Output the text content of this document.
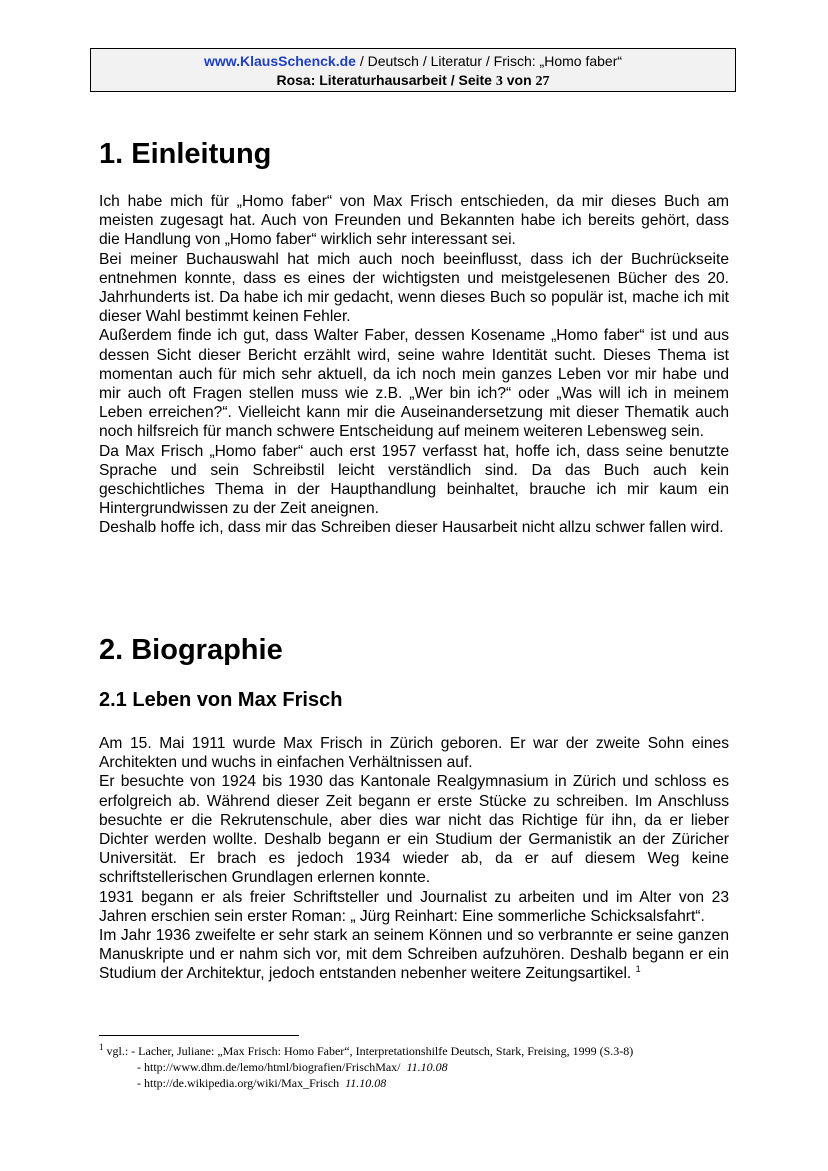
www.KlausSchenck.de / Deutsch / Literatur / Frisch: „Homo faber“
Rosa: Literaturhausarbeit / Seite 3 von 27
1. Einleitung

Ich habe mich für „Homo faber“ von Max Frisch entschieden, da mir dieses Buch am meisten zugesagt hat. Auch von Freunden und Bekannten habe ich bereits gehört, dass die Handlung von „Homo faber“ wirklich sehr interessant sei.

Bei meiner Buchauswahl hat mich auch noch beeinflusst, dass ich der Buchrückseite entnehmen konnte, dass es eines der wichtigsten und meistgelesenen Bücher des 20. Jahrhunderts ist. Da habe ich mir gedacht, wenn dieses Buch so populär ist, mache ich mit dieser Wahl bestimmt keinen Fehler.

Außerdem finde ich gut, dass Walter Faber, dessen Kosename „Homo faber“ ist und aus dessen Sicht dieser Bericht erzählt wird, seine wahre Identität sucht. Dieses Thema ist momentan auch für mich sehr aktuell, da ich noch mein ganzes Leben vor mir habe und mir auch oft Fragen stellen muss wie z.B. „Wer bin ich?“ oder „Was will ich in meinem Leben erreichen?“. Vielleicht kann mir die Auseinandersetzung mit dieser Thematik auch noch hilfsreich für manch schwere Entscheidung auf meinem weiteren Lebensweg sein.

Da Max Frisch „Homo faber“ auch erst 1957 verfasst hat, hoffe ich, dass seine benutzte Sprache und sein Schreibstil leicht verständlich sind. Da das Buch auch kein geschichtliches Thema in der Haupthandlung beinhaltet, brauche ich mir kaum ein Hintergrundwissen zu der Zeit aneignen.

Deshalb hoffe ich, dass mir das Schreiben dieser Hausarbeit nicht allzu schwer fallen wird.

2. Biographie
2.1 Leben von Max Frisch

Am 15. Mai 1911 wurde Max Frisch in Zürich geboren. Er war der zweite Sohn eines Architekten und wuchs in einfachen Verhältnissen auf.

Er besuchte von 1924 bis 1930 das Kantonale Realgymnasium in Zürich und schloss es erfolgreich ab. Während dieser Zeit begann er erste Stücke zu schreiben. Im Anschluss besuchte er die Rekrutenschule, aber dies war nicht das Richtige für ihn, da er lieber Dichter werden wollte. Deshalb begann er ein Studium der Germanistik an der Züricher Universität. Er brach es jedoch 1934 wieder ab, da er auf diesem Weg keine schriftstellerischen Grundlagen erlernen konnte.

1931 begann er als freier Schriftsteller und Journalist zu arbeiten und im Alter von 23 Jahren erschien sein erster Roman: „ Jürg Reinhart: Eine sommerliche Schicksalsfahrt“.

Im Jahr 1936 zweifelte er sehr stark an seinem Können und so verbrannte er seine ganzen Manuskripte und er nahm sich vor, mit dem Schreiben aufzuhören. Deshalb begann er ein Studium der Architektur, jedoch entstanden nebenher weitere Zeitungsartikel. $^1$

$^1$ vgl.: - Lacher, Juliane: „Max Frisch: Homo Faber“, Interpretationshilfe Deutsch, Stark, Freising, 1999 (S.3-8)
- http://www.dhm.de/lemo/html/biografien/FrischMax/ 11.10.08
- http://de.wikipedia.org/wiki/Max_Frisch 11.10.08
